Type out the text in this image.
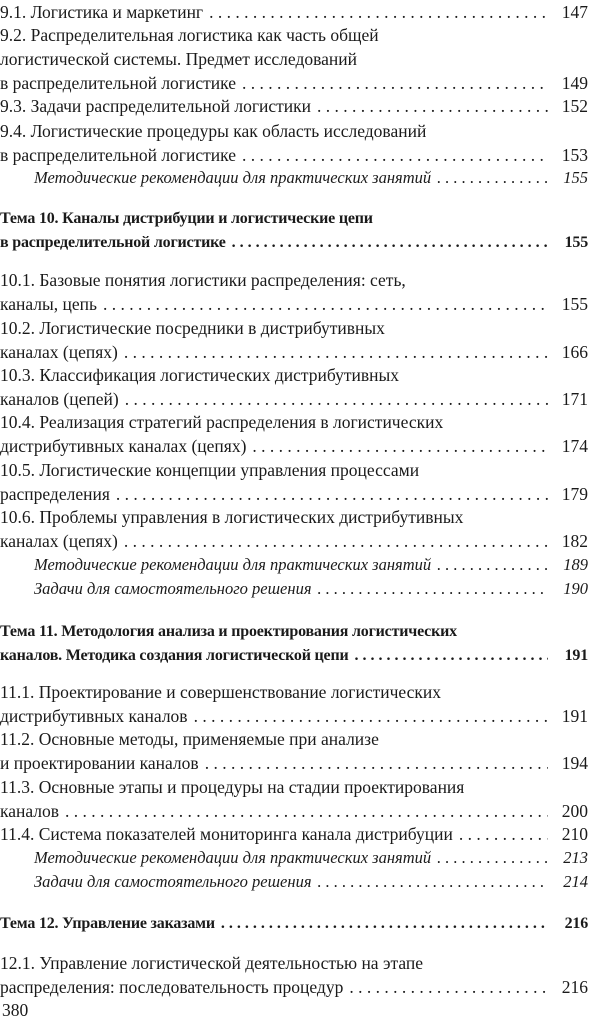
9.1. Логистика и маркетинг . . .	147
9.2. Распределительная логистика как часть общей
логистической системы. Предмет исследований
в распределительной логистике . . .	149
9.3. Задачи распределительной логистики . . .	152
9.4. Логистические процедуры как область исследований
в распределительной логистике . . .	153
Методические рекомендации для практических занятий . . .	155
Тема 10. Каналы дистрибуции и логистические цепи
в распределительной логистике . . .	155
10.1. Базовые понятия логистики распределения: сеть,
каналы, цепь . . .	155
10.2. Логистические посредники в дистрибутивных
каналах (цепях) . . .	166
10.3. Классификация логистических дистрибутивных
каналов (цепей) . . .	171
10.4. Реализация стратегий распределения в логистических
дистрибутивных каналах (цепях) . . .	174
10.5. Логистические концепции управления процессами
распределения . . .	179
10.6. Проблемы управления в логистических дистрибутивных
каналах (цепях) . . .	182
Методические рекомендации для практических занятий . . .	189
Задачи для самостоятельного решения . . .	190
Тема 11. Методология анализа и проектирования логистических
каналов. Методика создания логистической цепи . . .	191
11.1. Проектирование и совершенствование логистических
дистрибутивных каналов . . .	191
11.2. Основные методы, применяемые при анализе
и проектировании каналов . . .	194
11.3. Основные этапы и процедуры на стадии проектирования
каналов . . .	200
11.4. Система показателей мониторинга канала дистрибуции . . .	210
Методические рекомендации для практических занятий . . .	213
Задачи для самостоятельного решения . . .	214
Тема 12. Управление заказами . . .	216
12.1. Управление логистической деятельностью на этапе
распределения: последовательность процедур . . .	216
380
